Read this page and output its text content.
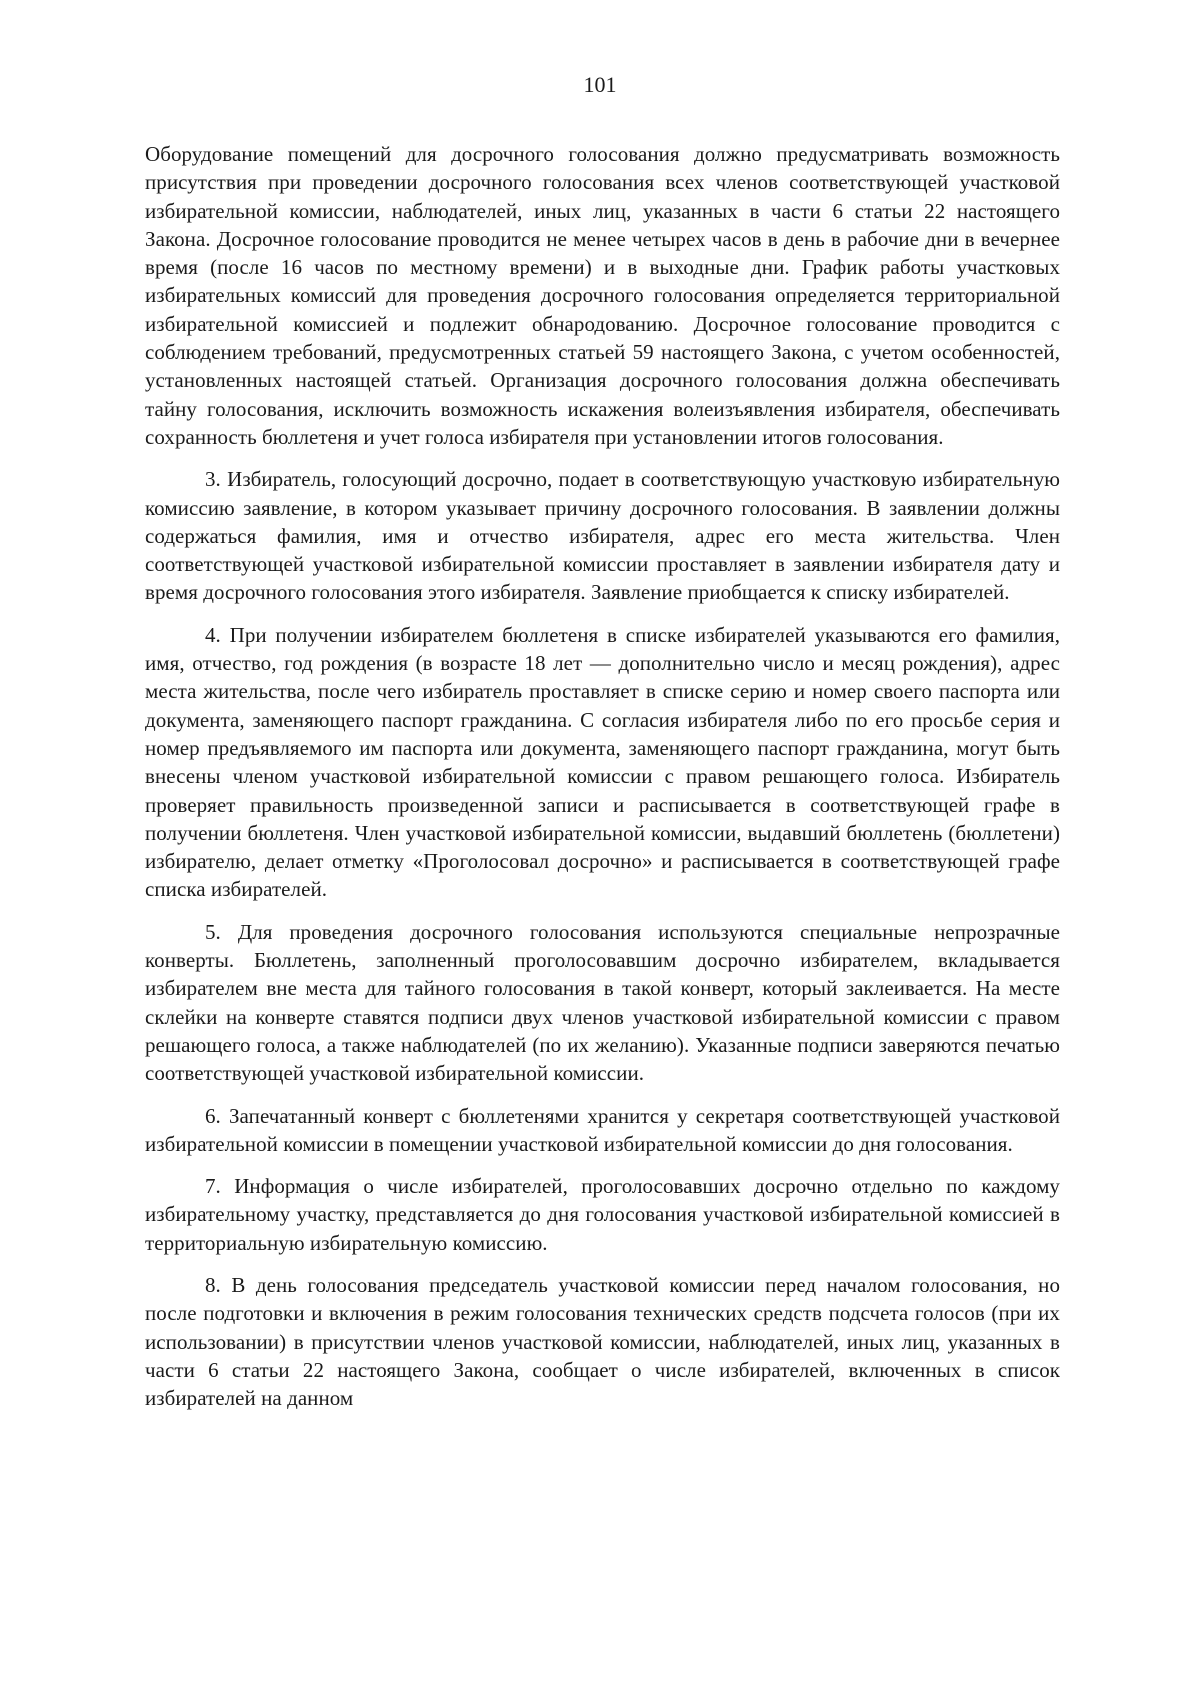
101

Оборудование помещений для досрочного голосования должно предусматривать возможность присутствия при проведении досрочного голосования всех членов соответствующей участковой избирательной комиссии, наблюдателей, иных лиц, указанных в части 6 статьи 22 настоящего Закона. Досрочное голосование проводится не менее четырех часов в день в рабочие дни в вечернее время (после 16 часов по местному времени) и в выходные дни. График работы участковых избирательных комиссий для проведения досрочного голосования определяется территориальной избирательной комиссией и подлежит обнародованию. Досрочное голосование проводится с соблюдением требований, предусмотренных статьей 59 настоящего Закона, с учетом особенностей, установленных настоящей статьей. Организация досрочного голосования должна обеспечивать тайну голосования, исключить возможность искажения волеизъявления избирателя, обеспечивать сохранность бюллетеня и учет голоса избирателя при установлении итогов голосования.

3. Избиратель, голосующий досрочно, подает в соответствующую участковую избирательную комиссию заявление, в котором указывает причину досрочного голосования. В заявлении должны содержаться фамилия, имя и отчество избирателя, адрес его места жительства. Член соответствующей участковой избирательной комиссии проставляет в заявлении избирателя дату и время досрочного голосования этого избирателя. Заявление приобщается к списку избирателей.

4. При получении избирателем бюллетеня в списке избирателей указываются его фамилия, имя, отчество, год рождения (в возрасте 18 лет — дополнительно число и месяц рождения), адрес места жительства, после чего избиратель проставляет в списке серию и номер своего паспорта или документа, заменяющего паспорт гражданина. С согласия избирателя либо по его просьбе серия и номер предъявляемого им паспорта или документа, заменяющего паспорт гражданина, могут быть внесены членом участковой избирательной комиссии с правом решающего голоса. Избиратель проверяет правильность произведенной записи и расписывается в соответствующей графе в получении бюллетеня. Член участковой избирательной комиссии, выдавший бюллетень (бюллетени) избирателю, делает отметку «Проголосовал досрочно» и расписывается в соответствующей графе списка избирателей.

5. Для проведения досрочного голосования используются специальные непрозрачные конверты. Бюллетень, заполненный проголосовавшим досрочно избирателем, вкладывается избирателем вне места для тайного голосования в такой конверт, который заклеивается. На месте склейки на конверте ставятся подписи двух членов участковой избирательной комиссии с правом решающего голоса, а также наблюдателей (по их желанию). Указанные подписи заверяются печатью соответствующей участковой избирательной комиссии.

6. Запечатанный конверт с бюллетенями хранится у секретаря соответствующей участковой избирательной комиссии в помещении участковой избирательной комиссии до дня голосования.

7. Информация о числе избирателей, проголосовавших досрочно отдельно по каждому избирательному участку, представляется до дня голосования участковой избирательной комиссией в территориальную избирательную комиссию.

8. В день голосования председатель участковой комиссии перед началом голосования, но после подготовки и включения в режим голосования технических средств подсчета голосов (при их использовании) в присутствии членов участковой комиссии, наблюдателей, иных лиц, указанных в части 6 статьи 22 настоящего Закона, сообщает о числе избирателей, включенных в список избирателей на данном
